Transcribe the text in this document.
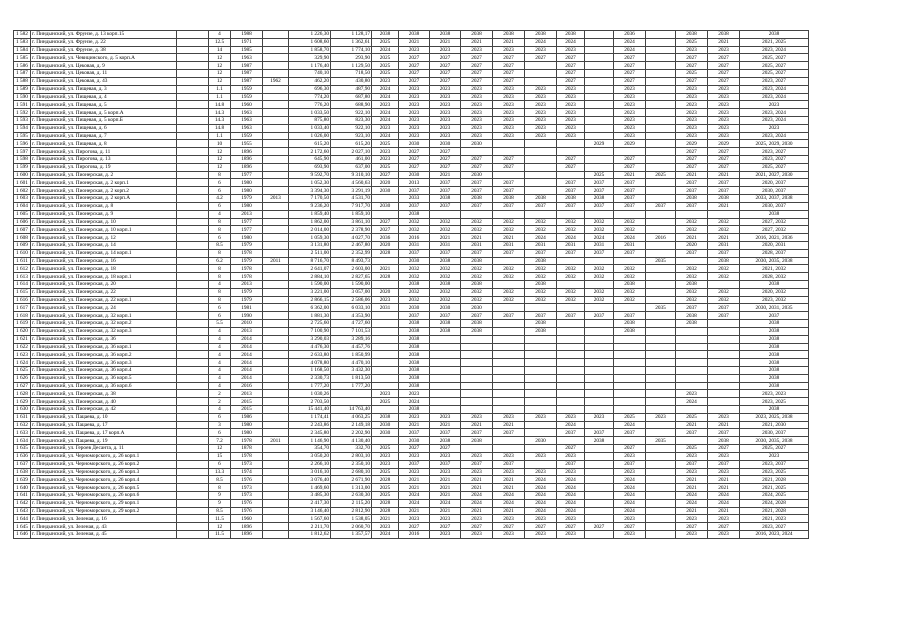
1 582	г. Пиндынский, ул. Фрунзе, д. 13 корп.15		4	1988		1 226,30	1 128,17	2038	2038	2038	2038	2038	2038	2038		2036		2038	2038	2038
1 583	г. Пиндынский, ул. Фрунзе, д. 22		12.5	1971		1 608,60	1 362,61	2025	2021	2021	2021	2021	2024	2024		2024		2025	2021	2021, 2025
1 584	г. Пиндынский, ул. Фрунзе, д. 38		14	1985		1 858,70	1 774,10	2024	2023	2023	2023	2023	2023	2023		2024		2023	2023	2023, 2024
1 585	г. Пиндынский, ул. Чевицинского, д. 5 корп.А		12	1963		329,90	293,90	2025	2027	2027	2027	2027	2027	2027		2027		2027	2027	2025, 2027
1 586	г. Пиндынский, ул. Цековая, д. 9		12	1987		1 176,40	1 129,50	2025	2027	2027	2027	2027		2027		2027		2027	2027	2025, 2027
1 587	г. Пиндынский, ул. Цековая, д. 11		12	1987		740,10	718,50	2025	2027	2027	2027	2027		2027		2027		2025	2027	2025, 2027
1 588	г. Пиндынский, ул. Цековая, д. 43		12	1987	1962	462,20	430,80	2023	2027	2027	2027	2027		2027		2027		2027	2027	2023, 2027
1 589	г. Пиндынский, ул. Пищевая, д. 3		1.1	1959		696,30	487,90	2024	2023	2023	2023	2023	2023	2023		2023		2023	2023	2023, 2024
1 590	г. Пиндынский, ул. Пищевая, д. 4		1.1	1959		774,20	687,80	2024	2023	2023	2023	2023	2023	2023		2023		2023	2023	2023, 2024
1 591	г. Пиндынский, ул. Пищевая, д. 5		14.8	1960		776,20	688,90	2023	2023	2023	2023	2023	2023	2023		2023		2023	2023	2023
1 592	г. Пиндынский, ул. Пищевая, д. 5 корп.А		14.3	1963		1 033,50	922,10	2024	2023	2023	2023	2023	2023	2023		2023		2023	2023	2023, 2024
1 593	г. Пиндынский, ул. Пищевая, д. 5 корп.Б		14.3	1963		875,80	823,30	2024	2023	2023	2023	2023	2023	2023		2023		2023	2023	2023, 2024
1 594	г. Пиндынский, ул. Пищевая, д. 6		14.8	1963		1 033,40	922,10	2023	2023	2023	2023	2023	2023	2023		2023		2023	2023	2023
1 595	г. Пиндынский, ул. Пищевая, д. 7		1.1	1959		1 026,00	923,10	2024	2023	2023	2023	2023	2023	2023		2023		2023	2023	2023, 2024
1 596	г. Пиндынский, ул. Пищевая, д. 8		10	1955		615,20	615,20	2025	2030	2030	2030				2029	2029		2029	2029	2025, 2029, 2030
1 597	г. Пиндынский, ул. Пирогова, д. 11		12	1896		2 172,60	2 027,10	2023	2027	2027								2027	2027	2023, 2027
1 598	г. Пиндынский, ул. Пирогова, д. 13		12	1896		645,90	461,00	2023	2027	2027	2027	2027		2027		2027		2027	2027	2023, 2027
1 599	г. Пиндынский, ул. Пирогова, д. 19		12	1896		693,90	637,00	2025	2027	2027	2027	2027		2027		2027		2027	2027	2025, 2027
1 600	г. Пиндынский, ул. Пионерская, д. 2		8	1977		9 592,70	9 310,10	2027	2030	2021	2030				2025	2021	2025	2021	2021	2021, 2027, 2030
1 601	г. Пиндынский, ул. Пионерская, д. 2 корп.1		6	1980		1 052,30	4 560,63	2020	2013	2037	2037	2037		2037	2037	2037		2037	2037	2020, 2037
1 602	г. Пиндынский, ул. Пионерская, д. 2 корп.2		6	1980		3 394,30	3 291,19	2030	2037	2037	2037	2037		2037	2037	2037		2037	2037	2030, 2037
1 603	г. Пиндынский, ул. Пионерская, д. 2 корп.А		4.2	1979	2013	7 170,50	4 531,70		2033	2038	2038	2038	2038	2038	2038	2037		2038	2038	2033, 2037, 2038
1 604	г. Пиндынский, ул. Пионерская, д. 8		6	1980		9 236,20	7 917,70	2030	2037	2037	2037	2037	2037	2037	2037	2037	2037	2037	2021	2030, 2037
1 605	г. Пиндынский, ул. Пионерская, д. 9		4	2013		1 859,40	1 859,10		2038											2038
1 606	г. Пиндынский, ул. Пионерская, д. 10		8	1977		1 862,00	3 861,10	2027	2032	2032	2032	2032	2032	2032	2032	2032		2032	2032	2027, 2032
1 607	г. Пиндынский, ул. Пионерская, д. 10 корп.1		8	1977		2 014,00	2 378,90	2027	2032	2032	2032	2032	2032	2032	2032	2032		2032	2032	2027, 2032
1 608	г. Пиндынский, ул. Пионерская, д. 12		6	1980		1 059,30	4 027,70	2036	2016	2021	2021	2021	2024	2024	2024	2024	2016	2021	2021	2016, 2021, 2036
1 609	г. Пиндынский, ул. Пионерская, д. 14		8.5	1979		3 131,80	2 467,80	2020	2031	2031	2031	2031	2031	2031	2031	2031		2020	2031	2020, 2031
1 610	г. Пиндынский, ул. Пионерская, д. 14 корп.1		8	1978		2 511,00	2 352,99	2028	2037	2037	2037	2037	2037	2037	2037	2037		2037	2037	2028, 2037
1 611	г. Пиндынский, ул. Пионерская, д. 16		6.2	1979	2011	8 716,70	8 493,73		2030	2038	2038		2038				2035		2038	2030, 2035, 2038
1 612	г. Пиндынский, ул. Пионерская, д. 18		8	1978		2 641,07	2 603,00	2021	2032	2032	2032	2032	2032	2032	2032	2032		2032	2032	2021, 2032
1 613	г. Пиндынский, ул. Пионерская, д. 18 корп.1		8	1978		2 884,10	2 827,65	2028	2032	2032	2032	2032	2032	2032	2032	2032		2032	2032	2028, 2032
1 614	г. Пиндынский, ул. Пионерская, д. 20		4	2013		1 590,00	1 590,00		2038	2038	2038		2038			2038		2038		2038
1 615	г. Пиндынский, ул. Пионерская, д. 22		8	1979		3 221,00	3 057,00	2020	2032	2032	2032	2032	2032	2032	2032	2032		2032	2032	2020, 2032
1 616	г. Пиндынский, ул. Пионерская, д. 22 корп.1		8	1979		2 866,15	2 586,06	2023	2032	2032	2032	2032	2032	2032	2032	2032		2032	2032	2023, 2032
1 617	г. Пиндынский, ул. Пионерская, д. 24		6	1981		6 362,00	6 033,10	2031	2030	2030	2030						2035	2037	2037	2030, 2031, 2035
1 618	г. Пиндынский, ул. Пионерская, д. 32 корп.1		6	1990		1 881,30	4 353,90		2037	2037	2037	2037	2037	2037	2037	2037		2038	2037	2037
1 619	г. Пиндынский, ул. Пионерская, д. 32 корп.2		5.5	2010		2 725,60	4 727,60		2038	2038	2038		2038			2038		2038		2038
1 620	г. Пиндынский, ул. Пионерская, д. 32 корп.3		4	2013		7 100,90	7 101,53		2038	2038	2038		2038			2038				2038
1 621	г. Пиндынский, ул. Пионерская, д. 36		4	2014		3 290,03	3 289,16		2038											2038
1 622	г. Пиндынский, ул. Пионерская, д. 36 корп.1		4	2014		4 476,30	4 457,76		2038											2038
1 623	г. Пиндынский, ул. Пионерская, д. 36 корп.2		4	2014		2 633,80	1 850,99		2038											2038
1 624	г. Пиндынский, ул. Пионерская, д. 36 корп.3		4	2014		4 078,80	4 470,10		2038											2038
1 625	г. Пиндынский, ул. Пионерская, д. 36 корп.4		4	2014		1 168,50	3 432,30		2038											2038
1 626	г. Пиндынский, ул. Пионерская, д. 36 корп.5		4	2014		2 330,73	1 813,50		2038											2038
1 627	г. Пиндынский, ул. Пионерская, д. 36 корп.6		4	2016		1 777,20	1 777,20		2038											2038
1 628	г. Пиндынский, ул. Пионерская, д. 38		2	2013		1 030,26		2023	2023									2023		2023, 2023
1 629	г. Пиндынский, ул. Пионерская, д. 40		2	2015		2 703,50		2025	2024									2024		2023, 2025
1 630	г. Пиндынский, ул. Пионерская, д. 42		4	2015		15 441,40	14 763,40		2038											2038
1 631	г. Пиндынский, ул. Пацаева, д. 10		6	1986		1 174,41	4 063,25	2038	2023	2023	2023	2023	2023	2023	2023	2025	2023	2025	2023	2023, 2025, 2038
1 632	г. Пиндынский, ул. Пацаева, д. 17		3	1980		2 243,86	2 149,18	2030	2021	2021	2021	2021		2024		2024		2021	2021	2021, 2030
1 633	г. Пиндынский, ул. Пацаева, д. 17 корп.А		6	1980		2 345,80	2 202,90	2030	2037	2037	2037	2037		2037	2037	2037		2037	2037	2030, 2037
1 634	г. Пиндынский, ул. Пацаева, д. 19		7.2	1978	2011	1 146,90	4 130,40		2030	2038	2038		2030		2038		2035		2038	2030, 2035, 2038
1 635	г. Пиндынский, ул. Героев Десанта, д. 11		12	1878		354,70	332,70	2025	2027	2027				2027		2027		2025	2027	2025, 2027
1 636	г. Пиндынский, ул. Черноморского, д. 26 корп.1		15	1978		3 050,20	2 803,10	2023	2023	2023	2023	2023	2023	2023		2023		2023	2023	2023
1 637	г. Пиндынский, ул. Черноморского, д. 26 корп.2		6	1973		2 266,10	2 350,10	2023	2037	2037	2037	2037		2037		2037		2037	2037	2023, 2037
1 638	г. Пиндынский, ул. Черноморского, д. 26 корп.3		13.3	1974		3 016,10	2 680,10	2025	2023	2023	2023	2023	2023	2023		2023		2023	2023	2023, 2025
1 639	г. Пиндынский, ул. Черноморского, д. 26 корп.4		8.5	1976		3 076,40	2 671,90	2028	2021	2021	2021	2021	2024	2024		2024		2021	2021	2021, 2028
1 640	г. Пиндынский, ул. Черноморского, д. 26 корп.5		8	1973		1 469,60	1 313,00	2025	2021	2021	2021	2021	2024	2024		2024		2021	2021	2021, 2025
1 641	г. Пиндынский, ул. Черноморского, д. 26 корп.6		9	1973		3 485,30	2 630,30	2025	2024	2021	2024	2024	2024	2024		2024		2024	2024	2024, 2025
1 642	г. Пиндынский, ул. Черноморского, д. 29 корп.1		9	1976		2 417,30	2 115,20	2028	2024	2024	2024	2024	2024	2024		2024		2024	2024	2024, 2028
1 643	г. Пиндынский, ул. Черноморского, д. 29 корп.2		8.5	1976		3 146,40	2 812,90	2028	2021	2021	2021	2021	2024	2024		2024		2021	2021	2021, 2028
1 644	г. Пиндынский, ул. Зеленая, д. 16		11.5	1960		1 567,60	1 538,05	2021	2023	2023	2023	2023	2023	2023		2023		2023	2023	2021, 2023
1 645	г. Пиндынский, ул. Зеленая, д. 43		12	1896		2 211,70	2 060,70	2023	2027	2027	2027	2027	2027	2027	2027	2027		2027	2027	2023, 2027
1 646	г. Пиндынский, ул. Зеленая, д. 45		11.5	1896		1 812,62	1 357,57	2024	2016	2023	2023	2023	2023	2023		2023		2023	2023	2016, 2023, 2024
